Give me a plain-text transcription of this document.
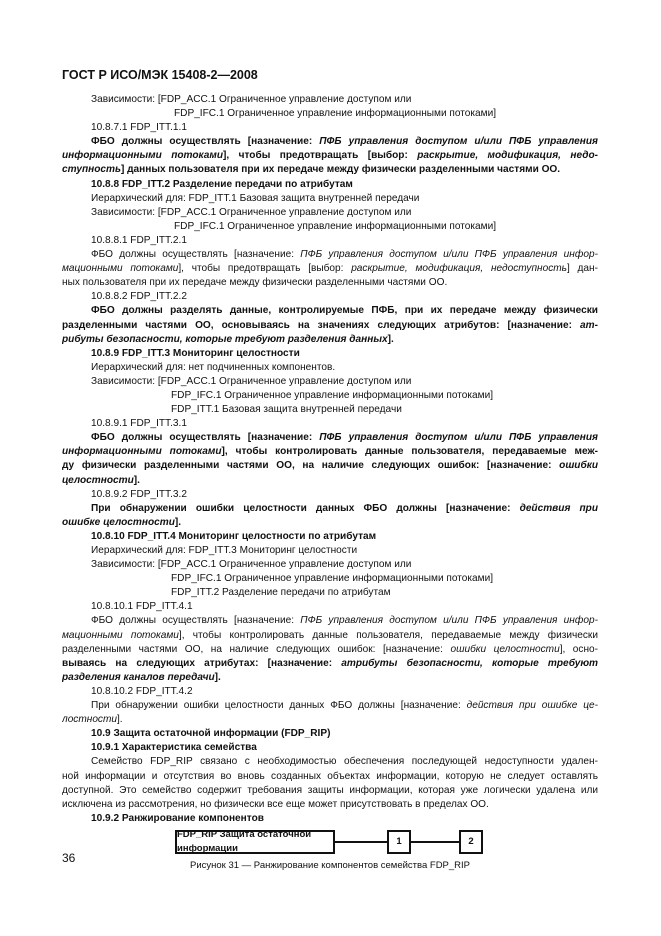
ГОСТ Р ИСО/МЭК 15408-2—2008
Зависимости: [FDP_ACC.1 Ограниченное управление доступом или
FDP_IFC.1 Ограниченное управление информационными потоками]
10.8.7.1 FDP_ITT.1.1
ФБО должны осуществлять [назначение: ПФБ управления доступом и/или ПФБ управления
информационными потоками], чтобы предотвращать [выбор: раскрытие, модификация, недо-
ступность] данных пользователя при их передаче между физически разделенными частями ОО.
10.8.8 FDP_ITT.2 Разделение передачи по атрибутам
Иерархический для: FDP_ITT.1 Базовая защита внутренней передачи
Зависимости: [FDP_ACC.1 Ограниченное управление доступом или
FDP_IFC.1 Ограниченное управление информационными потоками]
10.8.8.1 FDP_ITT.2.1
ФБО должны осуществлять [назначение: ПФБ управления доступом и/или ПФБ управления инфор-
мационными потоками], чтобы предотвращать [выбор: раскрытие, модификация, недоступность] дан-
ных пользователя при их передаче между физически разделенными частями ОО.
10.8.8.2 FDP_ITT.2.2
ФБО должны разделять данные, контролируемые ПФБ, при их передаче между физически
разделенными частями ОО, основываясь на значениях следующих атрибутов: [назначение: ат-
рибуты безопасности, которые требуют разделения данных].
10.8.9 FDP_ITT.3 Мониторинг целостности
Иерархический для: нет подчиненных компонентов.
Зависимости: [FDP_ACC.1 Ограниченное управление доступом или
FDP_IFC.1 Ограниченное управление информационными потоками]
FDP_ITT.1 Базовая защита внутренней передачи
10.8.9.1 FDP_ITT.3.1
ФБО должны осуществлять [назначение: ПФБ управления доступом и/или ПФБ управления
информационными потоками], чтобы контролировать данные пользователя, передаваемые меж-
ду физически разделенными частями ОО, на наличие следующих ошибок: [назначение: ошибки
целостности].
10.8.9.2 FDP_ITT.3.2
При обнаружении ошибки целостности данных ФБО должны [назначение: действия при
ошибке целостности].
10.8.10 FDP_ITT.4 Мониторинг целостности по атрибутам
Иерархический для: FDP_ITT.3 Мониторинг целостности
Зависимости: [FDP_ACC.1 Ограниченное управление доступом или
FDP_IFC.1 Ограниченное управление информационными потоками]
FDP_ITT.2 Разделение передачи по атрибутам
10.8.10.1 FDP_ITT.4.1
ФБО должны осуществлять [назначение: ПФБ управления доступом и/или ПФБ управления инфор-
мационными потоками], чтобы контролировать данные пользователя, передаваемые между физически
разделенными частями ОО, на наличие следующих ошибок: [назначение: ошибки целостности], осно-
вываясь на следующих атрибутах: [назначение: атрибуты безопасности, которые требуют
разделения каналов передачи].
10.8.10.2 FDP_ITT.4.2
При обнаружении ошибки целостности данных ФБО должны [назначение: действия при ошибке це-
лостности].
10.9 Защита остаточной информации (FDP_RIP)
10.9.1 Характеристика семейства
Семейство FDP_RIP связано с необходимостью обеспечения последующей недоступности удален-
ной информации и отсутствия во вновь созданных объектах информации, которую не следует оставлять
доступной. Это семейство содержит требования защиты информации, которая уже логически удалена или
исключена из рассмотрения, но физически все еще может присутствовать в пределах ОО.
10.9.2 Ранжирование компонентов
FDP_RIP Защита остаточной информации
1	2
Рисунок 31 — Ранжирование компонентов семейства FDP_RIP
36
